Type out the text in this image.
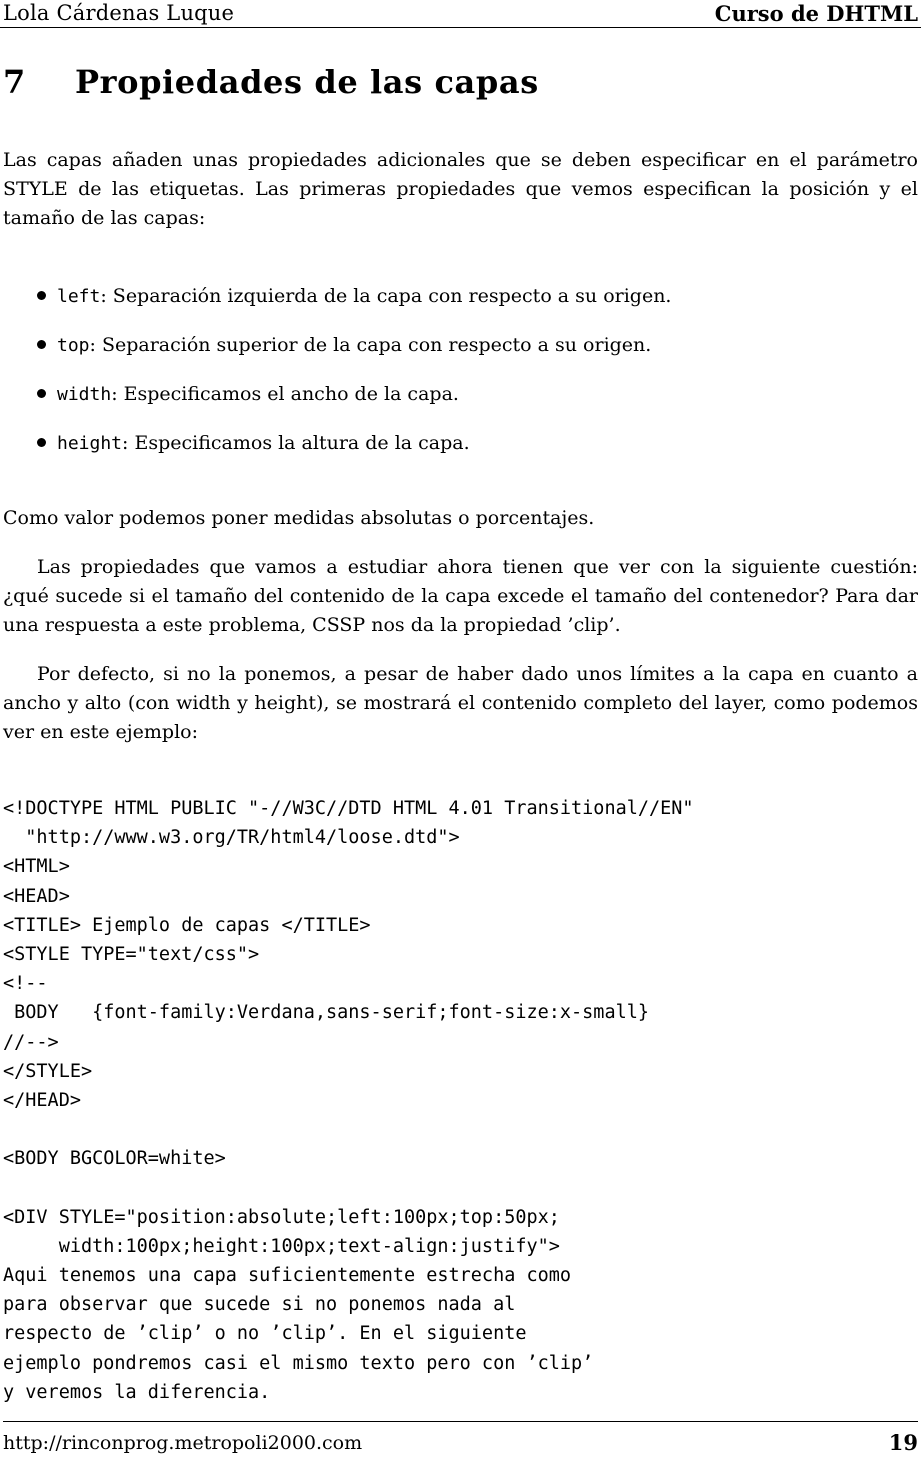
Lola Cárdenas Luque	Curso de DHTML
7 Propiedades de las capas

Las capas añaden unas propiedades adicionales que se deben especificar en el parámetro STYLE de las etiquetas. Las primeras propiedades que vemos especifican la posición y el tamaño de las capas:

left: Separación izquierda de la capa con respecto a su origen.
top: Separación superior de la capa con respecto a su origen.
width: Especificamos el ancho de la capa.
height: Especificamos la altura de la capa.

Como valor podemos poner medidas absolutas o porcentajes.

Las propiedades que vamos a estudiar ahora tienen que ver con la siguiente cuestión: ¿qué sucede si el tamaño del contenido de la capa excede el tamaño del contenedor? Para dar una respuesta a este problema, CSSP nos da la propiedad ’clip’.

Por defecto, si no la ponemos, a pesar de haber dado unos límites a la capa en cuanto a ancho y alto (con width y height), se mostrará el contenido completo del layer, como podemos ver en este ejemplo:

<!DOCTYPE HTML PUBLIC "-//W3C//DTD HTML 4.01 Transitional//EN"
"http://www.w3.org/TR/html4/loose.dtd">
<HTML>
<HEAD>
<TITLE> Ejemplo de capas </TITLE>
<STYLE TYPE="text/css">
<!--
BODY   {font-family:Verdana,sans-serif;font-size:x-small}
//-->
</STYLE>
</HEAD>
<BODY BGCOLOR=white>
<DIV STYLE="position:absolute;left:100px;top:50px;
width:100px;height:100px;text-align:justify">
Aqui tenemos una capa suficientemente estrecha como
para observar que sucede si no ponemos nada al
respecto de ’clip’ o no ’clip’. En el siguiente
ejemplo pondremos casi el mismo texto pero con ’clip’
y veremos la diferencia.
http://rinconprog.metropoli2000.com	19
